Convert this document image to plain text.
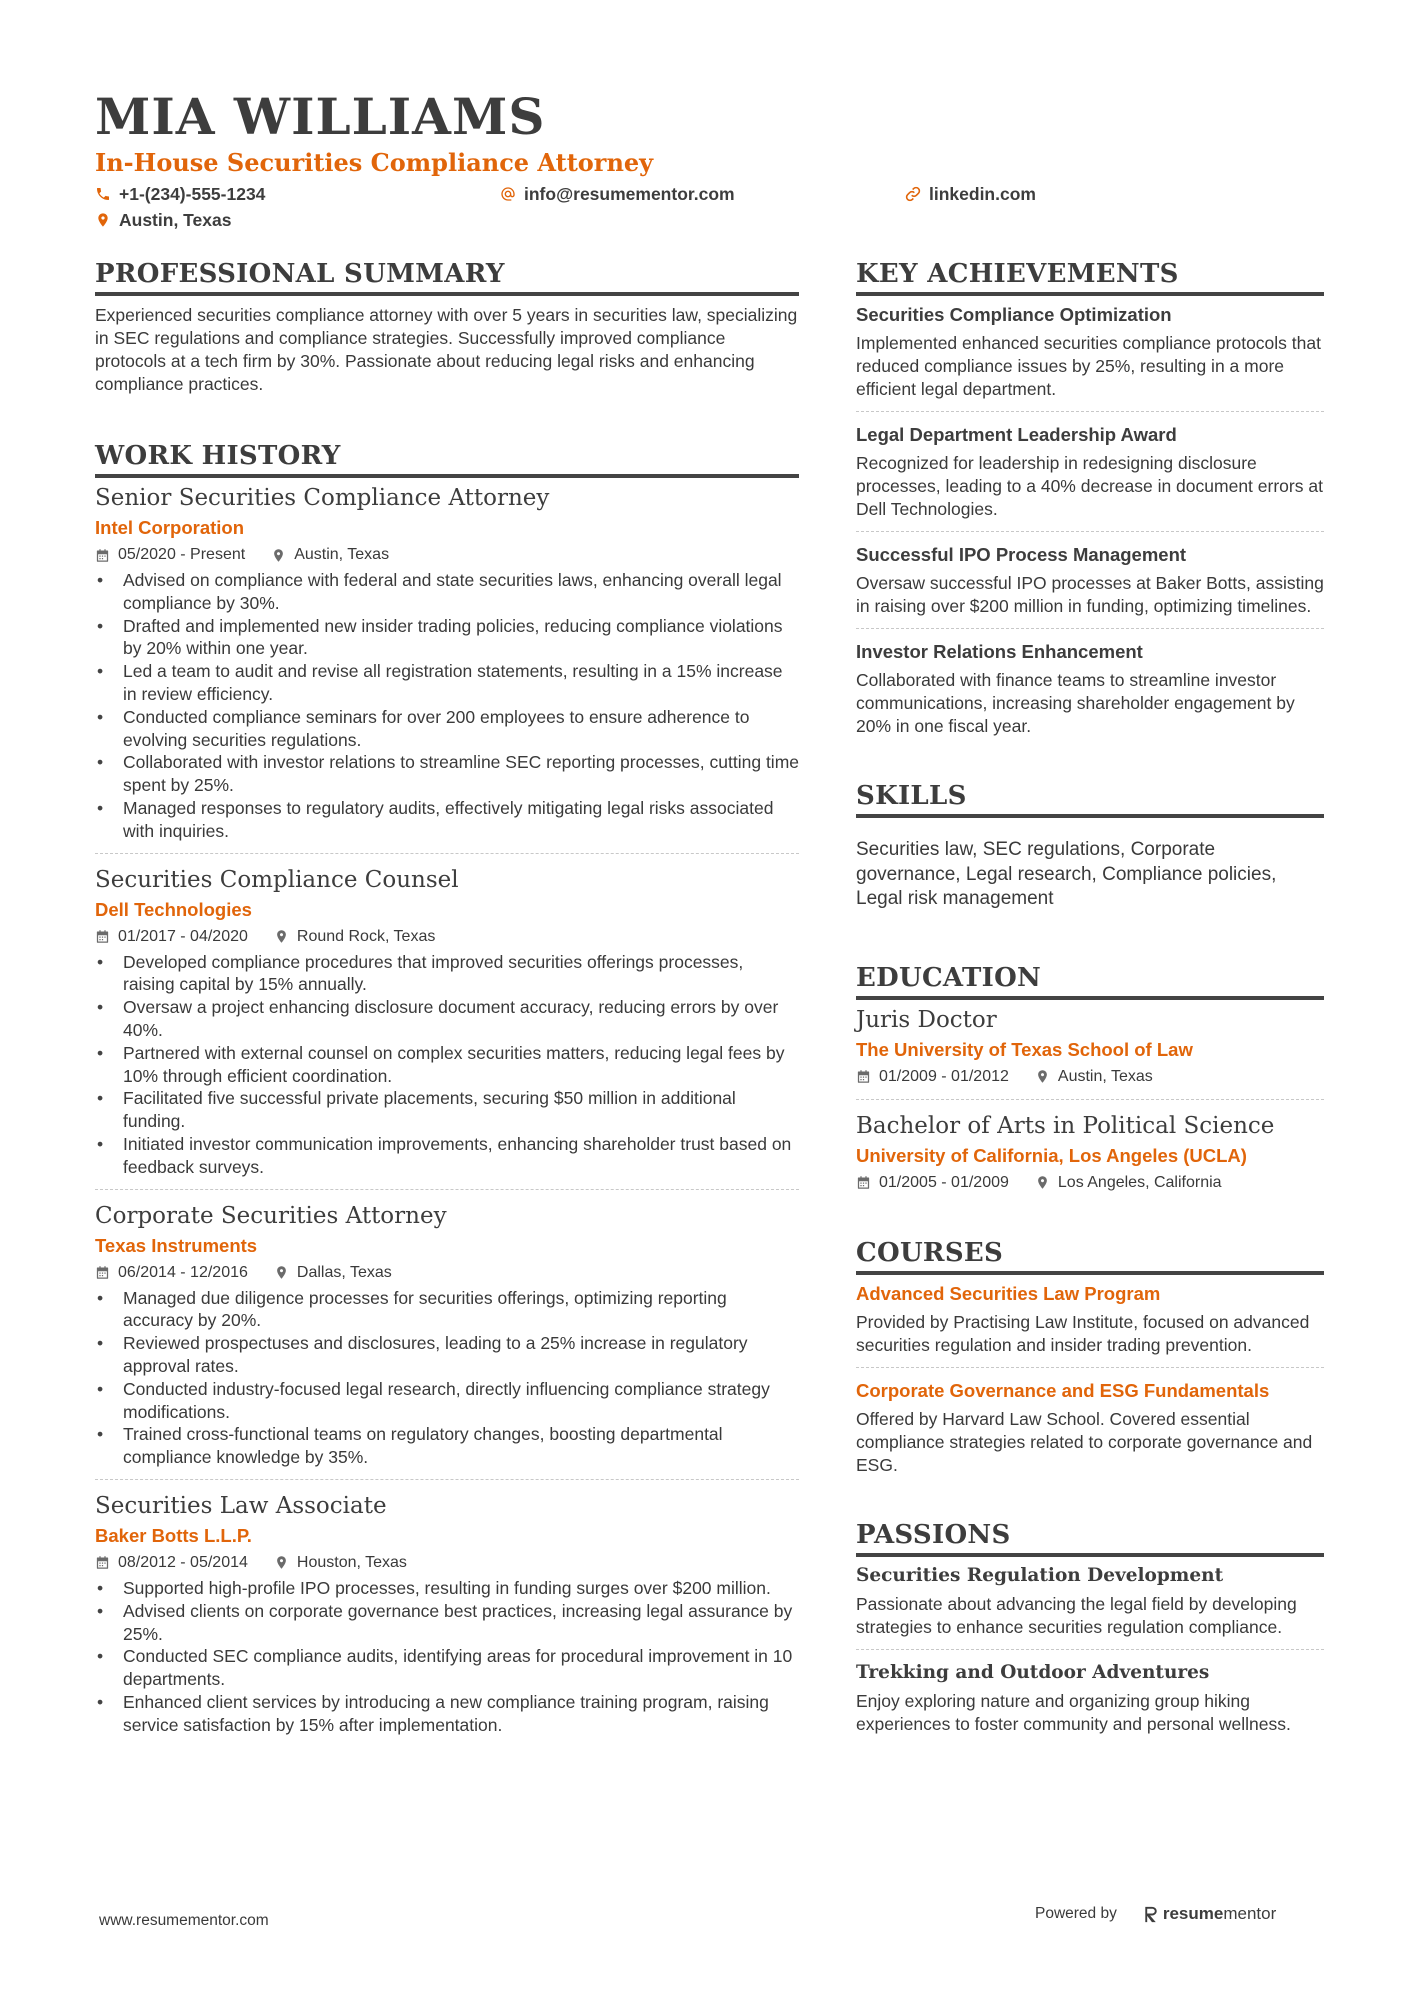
MIA WILLIAMS
In-House Securities Compliance Attorney
+1-(234)-555-1234	info@resumementor.com	linkedin.com
Austin, Texas
PROFESSIONAL SUMMARY

Experienced securities compliance attorney with over 5 years in securities law, specializing in SEC regulations and compliance strategies. Successfully improved compliance protocols at a tech firm by 30%. Passionate about reducing legal risks and enhancing compliance practices.

WORK HISTORY
Senior Securities Compliance Attorney
Intel Corporation
05/2020 - Present	Austin, Texas
• Advised on compliance with federal and state securities laws, enhancing overall legal compliance by 30%.
• Drafted and implemented new insider trading policies, reducing compliance violations by 20% within one year.
• Led a team to audit and revise all registration statements, resulting in a 15% increase in review efficiency.
• Conducted compliance seminars for over 200 employees to ensure adherence to evolving securities regulations.
• Collaborated with investor relations to streamline SEC reporting processes, cutting time spent by 25%.
• Managed responses to regulatory audits, effectively mitigating legal risks associated with inquiries.
Securities Compliance Counsel
Dell Technologies
01/2017 - 04/2020	Round Rock, Texas
• Developed compliance procedures that improved securities offerings processes, raising capital by 15% annually.
• Oversaw a project enhancing disclosure document accuracy, reducing errors by over 40%.
• Partnered with external counsel on complex securities matters, reducing legal fees by 10% through efficient coordination.
• Facilitated five successful private placements, securing $50 million in additional funding.
• Initiated investor communication improvements, enhancing shareholder trust based on feedback surveys.
Corporate Securities Attorney
Texas Instruments
06/2014 - 12/2016	Dallas, Texas
• Managed due diligence processes for securities offerings, optimizing reporting accuracy by 20%.
• Reviewed prospectuses and disclosures, leading to a 25% increase in regulatory approval rates.
• Conducted industry-focused legal research, directly influencing compliance strategy modifications.
• Trained cross-functional teams on regulatory changes, boosting departmental compliance knowledge by 35%.
Securities Law Associate
Baker Botts L.L.P.
08/2012 - 05/2014	Houston, Texas
• Supported high-profile IPO processes, resulting in funding surges over $200 million.
• Advised clients on corporate governance best practices, increasing legal assurance by 25%.
• Conducted SEC compliance audits, identifying areas for procedural improvement in 10 departments.
• Enhanced client services by introducing a new compliance training program, raising service satisfaction by 15% after implementation.
KEY ACHIEVEMENTS
Securities Compliance Optimization

Implemented enhanced securities compliance protocols that reduced compliance issues by 25%, resulting in a more efficient legal department.

Legal Department Leadership Award

Recognized for leadership in redesigning disclosure processes, leading to a 40% decrease in document errors at Dell Technologies.

Successful IPO Process Management

Oversaw successful IPO processes at Baker Botts, assisting in raising over $200 million in funding, optimizing timelines.

Investor Relations Enhancement

Collaborated with finance teams to streamline investor communications, increasing shareholder engagement by 20% in one fiscal year.

SKILLS

Securities law, SEC regulations, Corporate governance, Legal research, Compliance policies, Legal risk management

EDUCATION
Juris Doctor
The University of Texas School of Law
01/2009 - 01/2012	Austin, Texas
Bachelor of Arts in Political Science
University of California, Los Angeles (UCLA)
01/2005 - 01/2009	Los Angeles, California
COURSES
Advanced Securities Law Program

Provided by Practising Law Institute, focused on advanced securities regulation and insider trading prevention.

Corporate Governance and ESG Fundamentals

Offered by Harvard Law School. Covered essential compliance strategies related to corporate governance and ESG.

PASSIONS
Securities Regulation Development

Passionate about advancing the legal field by developing strategies to enhance securities regulation compliance.

Trekking and Outdoor Adventures

Enjoy exploring nature and organizing group hiking experiences to foster community and personal wellness.

www.resumementor.com	Powered by	resume mentor
